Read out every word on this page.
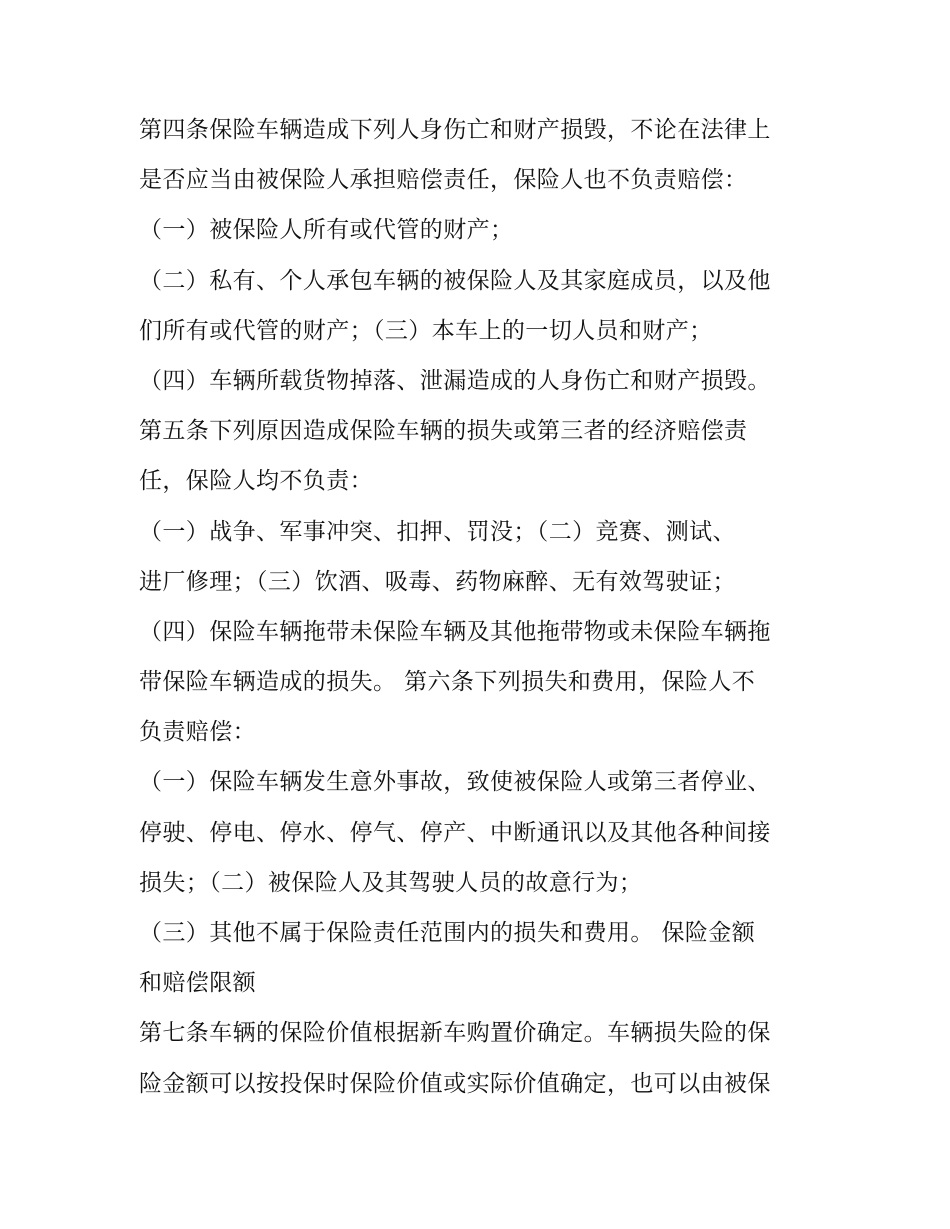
第四条保险车辆造成下列人身伤亡和财产损毁，不论在法律上
是否应当由被保险人承担赔偿责任，保险人也不负责赔偿：
（一）被保险人所有或代管的财产；
（二）私有、个人承包车辆的被保险人及其家庭成员，以及他
们所有或代管的财产；（三）本车上的一切人员和财产；
（四）车辆所载货物掉落、泄漏造成的人身伤亡和财产损毁。
第五条下列原因造成保险车辆的损失或第三者的经济赔偿责
任，保险人均不负责：
（一）战争、军事冲突、扣押、罚没；（二）竞赛、测试、
进厂修理；（三）饮酒、吸毒、药物麻醉、无有效驾驶证；
（四）保险车辆拖带未保险车辆及其他拖带物或未保险车辆拖
带保险车辆造成的损失。 第六条下列损失和费用，保险人不
负责赔偿：
（一）保险车辆发生意外事故，致使被保险人或第三者停业、
停驶、停电、停水、停气、停产、中断通讯以及其他各种间接
损失；（二）被保险人及其驾驶人员的故意行为；
（三）其他不属于保险责任范围内的损失和费用。 保险金额
和赔偿限额
第七条车辆的保险价值根据新车购置价确定。车辆损失险的保
险金额可以按投保时保险价值或实际价值确定，也可以由被保
